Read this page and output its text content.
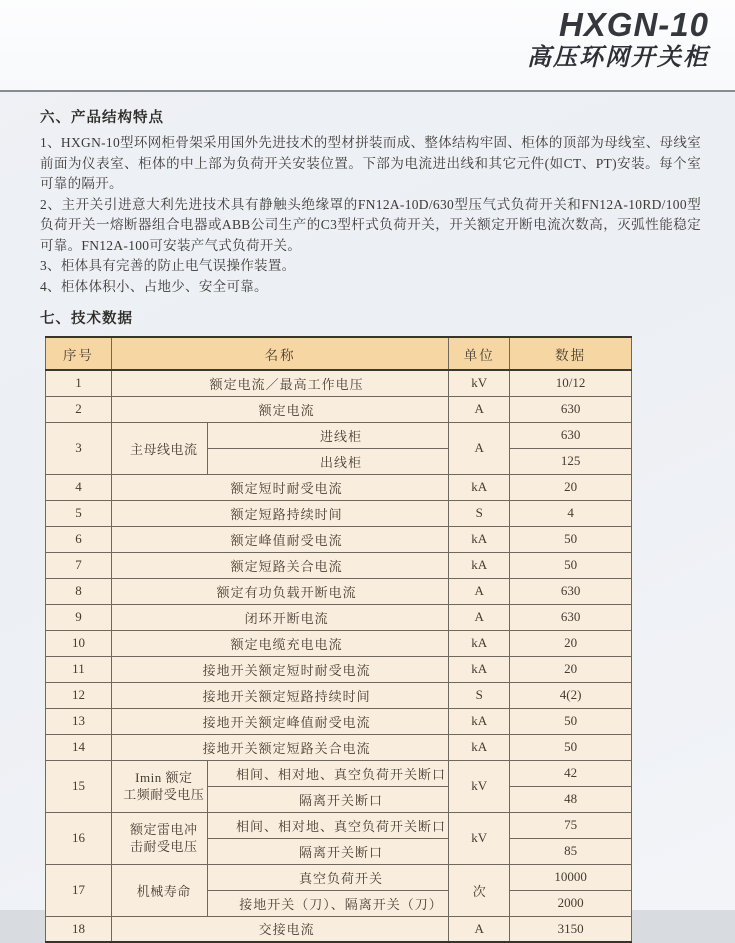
HXGN-10
高压环网开关柜
六、产品结构特点

1、HXGN-10型环网柜骨架采用国外先进技术的型材拼装而成、整体结构牢固、柜体的顶部为母线室、母线室前面为仪表室、柜体的中上部为负荷开关安装位置。下部为电流进出线和其它元件(如CT、PT)安装。每个室可靠的隔开。

2、主开关引进意大利先进技术具有静触头绝缘罩的FN12A-10D/630型压气式负荷开关和FN12A-10RD/100型负荷开关一熔断器组合电器或ABB公司生产的C3型杆式负荷开关，开关额定开断电流次数高，灭弧性能稳定可靠。FN12A-100可安装产气式负荷开关。

3、柜体具有完善的防止电气误操作装置。

4、柜体体积小、占地少、安全可靠。

七、技术数据
序号	名称		单位	数据
1	额定电流／最高工作电压		kV	10/12
2	额定电流		A	630
3	主母线电流	进线柜	A	630
		出线柜		125
4	额定短时耐受电流		kA	20
5	额定短路持续时间		S	4
6	额定峰值耐受电流		kA	50
7	额定短路关合电流		kA	50
8	额定有功负载开断电流		A	630
9	闭环开断电流		A	630
10	额定电缆充电电流		kA	20
11	接地开关额定短时耐受电流		kA	20
12	接地开关额定短路持续时间		S	4(2)
13	接地开关额定峰值耐受电流		kA	50
14	接地开关额定短路关合电流		kA	50
15	Imin 额定
工频耐受电压	相间、相对地、真空负荷开关断口	kV	42
		隔离开关断口		48
16	额定雷电冲
击耐受电压	相间、相对地、真空负荷开关断口	kV	75
		隔离开关断口		85
17	机械寿命	真空负荷开关	次	10000
		接地开关（刀）、隔离开关（刀）		2000
18	交接电流		A	3150
